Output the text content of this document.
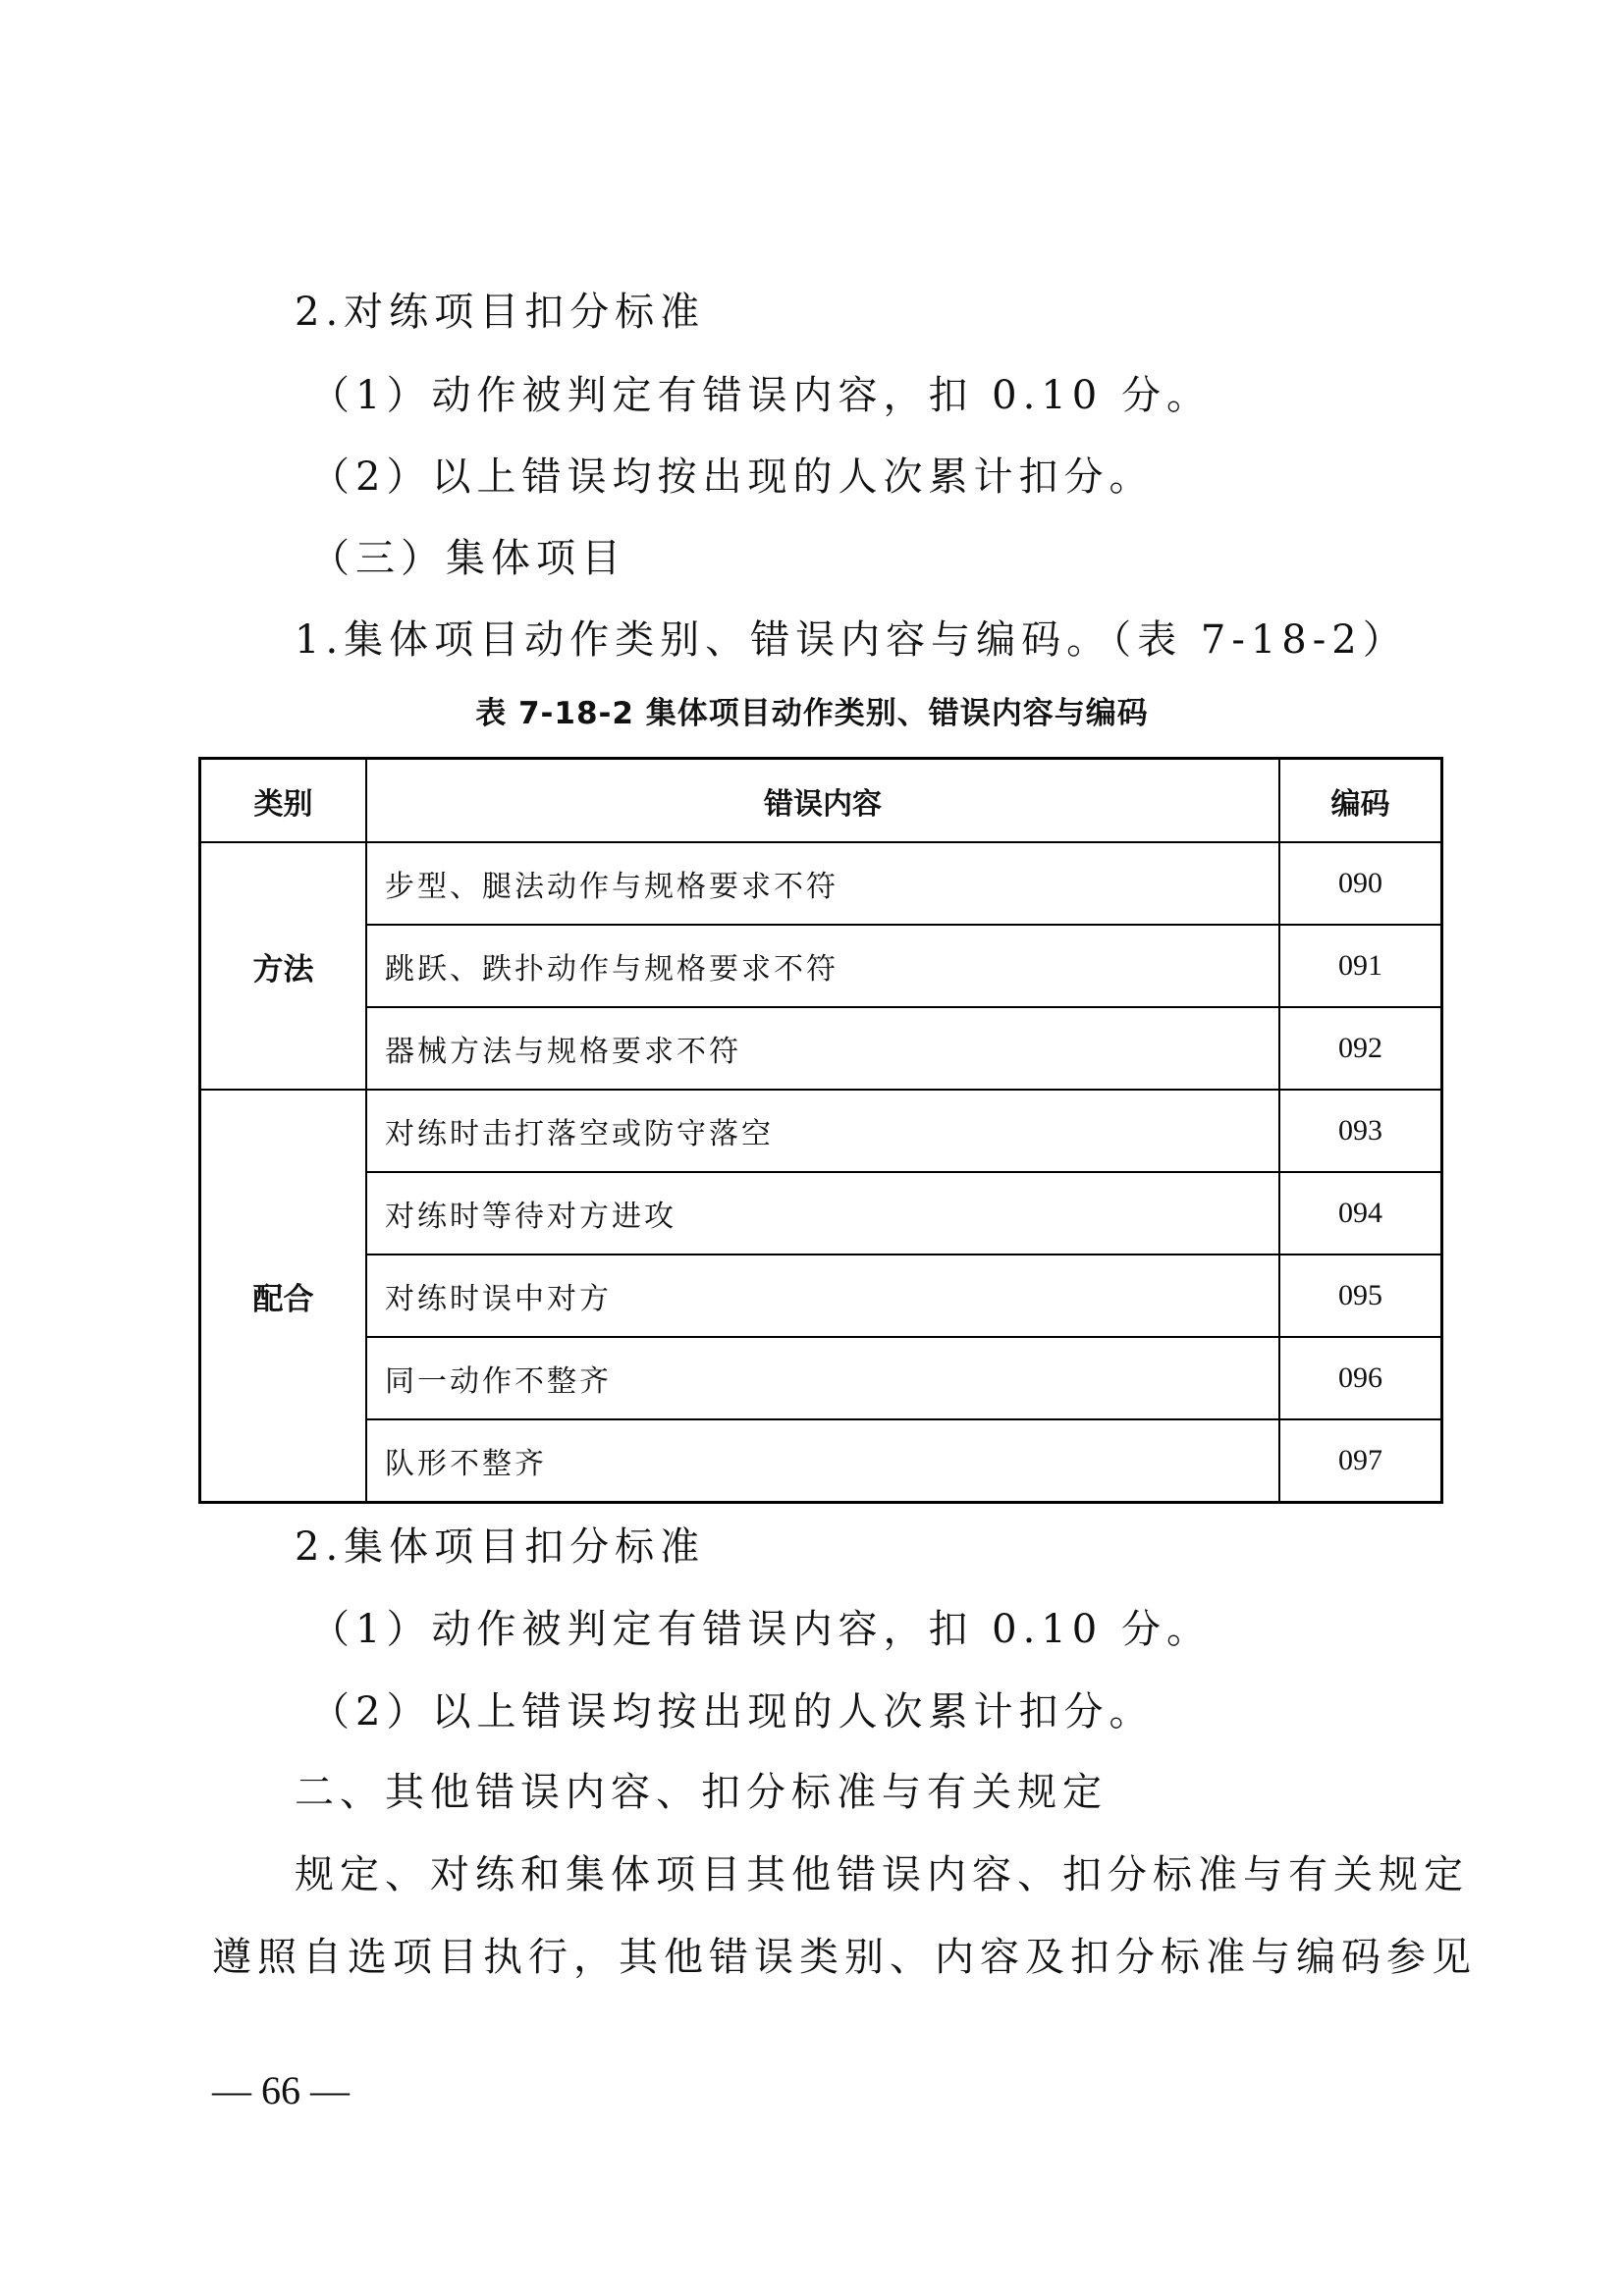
2.对练项目扣分标准
（1）动作被判定有错误内容，扣 0.10 分。
（2）以上错误均按出现的人次累计扣分。
（三）集体项目
1.集体项目动作类别、错误内容与编码。（表 7-18-2）
表 7-18-2 集体项目动作类别、错误内容与编码
类别	错误内容	编码
方法	步型、腿法动作与规格要求不符	090
	跳跃、跌扑动作与规格要求不符	091
	器械方法与规格要求不符	092
配合	对练时击打落空或防守落空	093
	对练时等待对方进攻	094
	对练时误中对方	095
	同一动作不整齐	096
	队形不整齐	097
2.集体项目扣分标准
（1）动作被判定有错误内容，扣 0.10 分。
（2）以上错误均按出现的人次累计扣分。
二、其他错误内容、扣分标准与有关规定
规定、对练和集体项目其他错误内容、扣分标准与有关规定
遵照自选项目执行，其他错误类别、内容及扣分标准与编码参见
— 66 —
